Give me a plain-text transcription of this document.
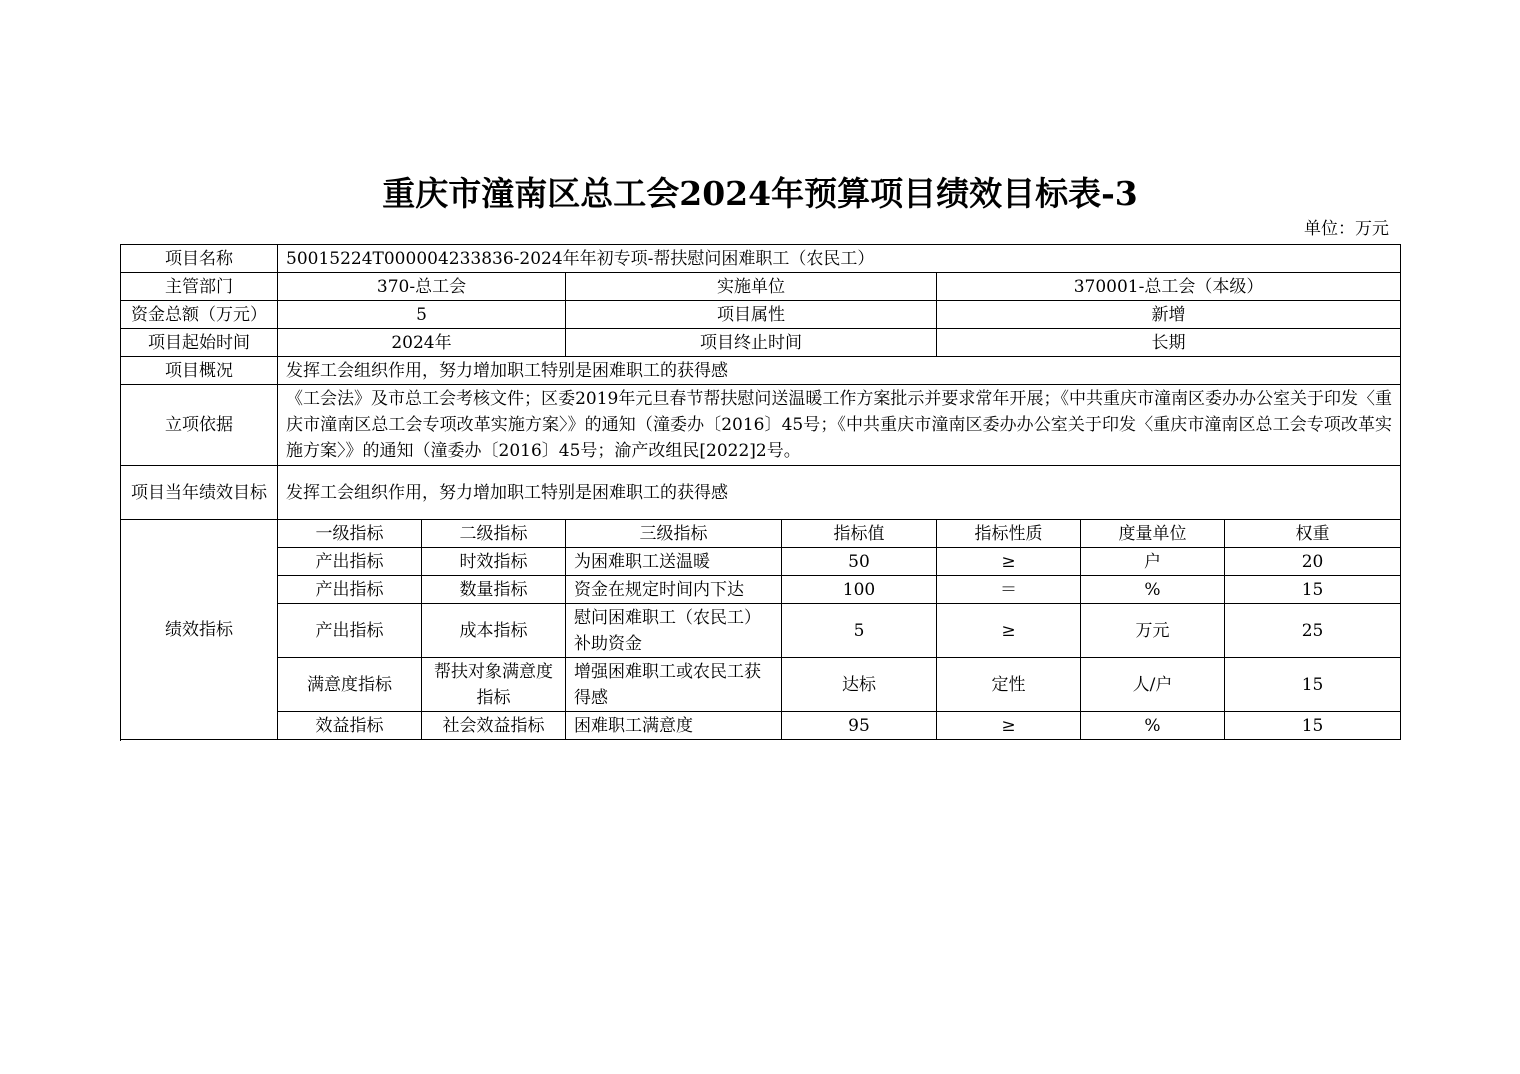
重庆市潼南区总工会2024年预算项目绩效目标表-3
单位：万元
项目名称	50015224T000004233836-2024年年初专项-帮扶慰问困难职工（农民工）						
主管部门	370-总工会		实施单位		370001-总工会（本级）		
资金总额（万元）	5		项目属性		新增		
项目起始时间	2024年		项目终止时间		长期		
项目概况	发挥工会组织作用，努力增加职工特别是困难职工的获得感						
立项依据	《工会法》及市总工会考核文件；区委2019年元旦春节帮扶慰问送温暖工作方案批示并要求常年开展；《中共重庆市潼南区委办办公室关于印发〈重庆市潼南区总工会专项改革实施方案〉》的通知（潼委办〔2016〕45号；《中共重庆市潼南区委办办公室关于印发〈重庆市潼南区总工会专项改革实施方案〉》的通知（潼委办〔2016〕45号；渝产改组民[2022]2号。						
项目当年绩效目标	发挥工会组织作用，努力增加职工特别是困难职工的获得感						
绩效指标	一级指标	二级指标	三级指标	指标值	指标性质	度量单位	权重
	产出指标	时效指标	为困难职工送温暖	50	≥	户	20
	产出指标	数量指标	资金在规定时间内下达	100	＝	%	15
	产出指标	成本指标	慰问困难职工（农民工）补助资金	5	≥	万元	25
	满意度指标	帮扶对象满意度指标	增强困难职工或农民工获得感	达标	定性	人/户	15
	效益指标	社会效益指标	困难职工满意度	95	≥	%	15
